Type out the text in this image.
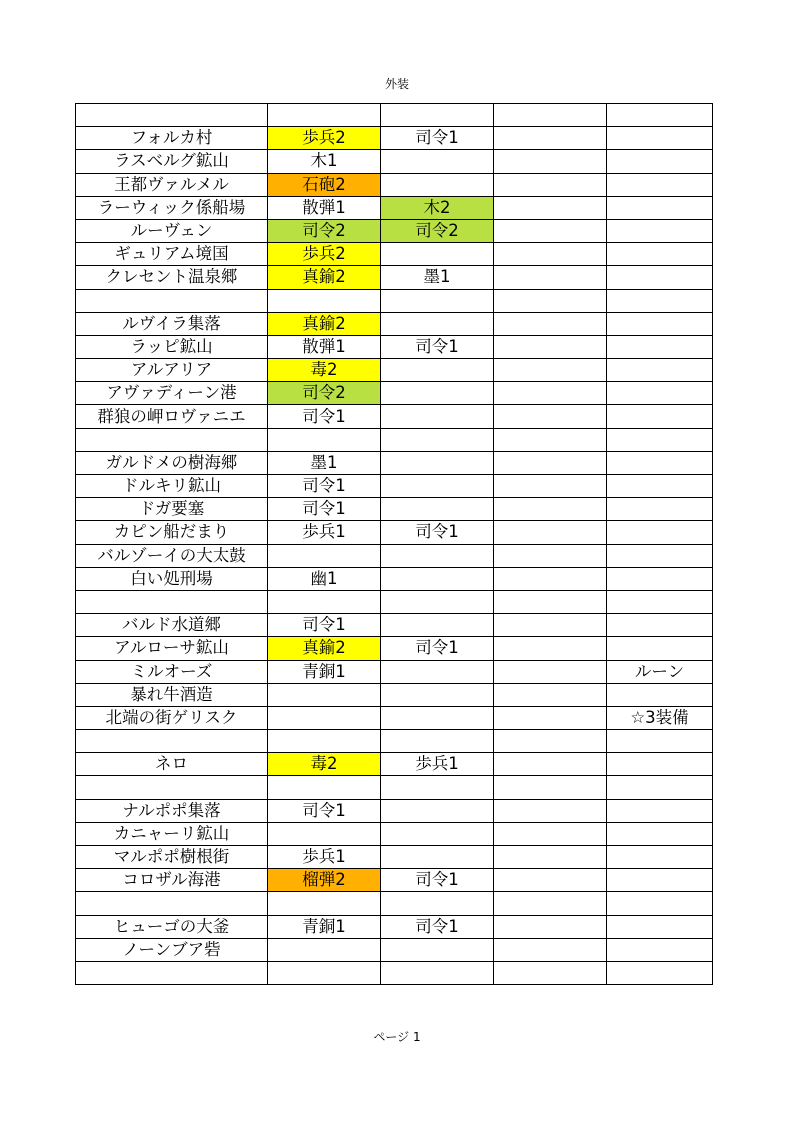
外装

フォルカ村	歩兵2	司令1		
ラスベルグ鉱山	木1			
王都ヴァルメル	石砲2			
ラーウィック係船場	散弾1	木2		
ルーヴェン	司令2	司令2		
ギュリアム境国	歩兵2			
クレセント温泉郷	真鍮2	墨1		

ルヴイラ集落	真鍮2			
ラッピ鉱山	散弾1	司令1		
アルアリア	毒2			
アヴァディーン港	司令2			
群狼の岬ロヴァニエ	司令1			

ガルドメの樹海郷	墨1			
ドルキリ鉱山	司令1			
ドガ要塞	司令1			
カピン船だまり	歩兵1	司令1		
バルゾーイの大太鼓				
白い処刑場	幽1			

バルド水道郷	司令1			
アルローサ鉱山	真鍮2	司令1		
ミルオーズ	青銅1			ルーン
暴れ牛酒造				
北端の街ゲリスク				☆3装備

ネロ	毒2	歩兵1		

ナルポポ集落	司令1			
カニャーリ鉱山				
マルポポ樹根街	歩兵1			
コロザル海港	榴弾2	司令1		

ヒューゴの大釜	青銅1	司令1		
ノーンブア砦				

ページ 1
